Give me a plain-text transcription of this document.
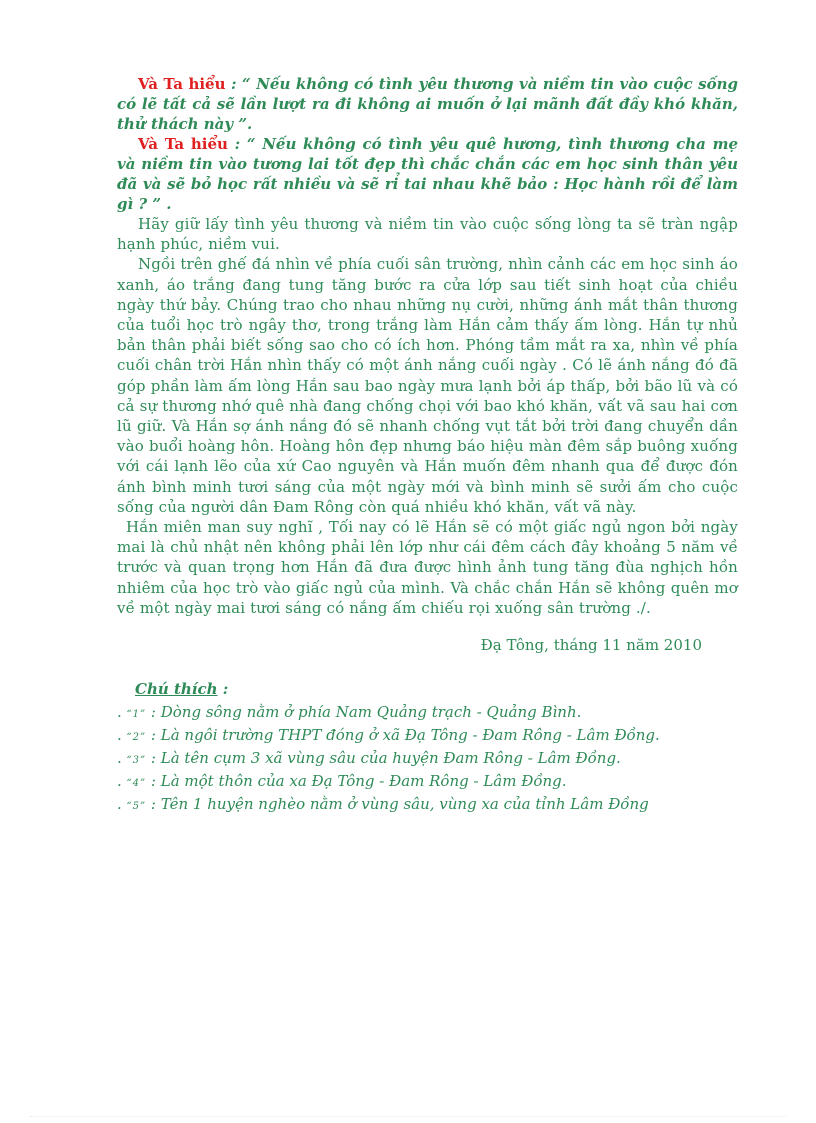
Và Ta hiểu : “ Nếu không có tình yêu thương và niềm tin vào cuộc sống có lẽ tất cả sẽ lần lượt ra đi không ai muốn ở lại mãnh đất đầy khó khăn, thử thách này ”.

Và Ta hiểu : “ Nếu không có tình yêu quê hương, tình thương cha mẹ và niềm tin vào tương lai tốt đẹp thì chắc chắn các em học sinh thân yêu đã và sẽ bỏ học rất nhiều và sẽ rỉ tai nhau khẽ bảo : Học hành rồi để làm gì ? ” .

Hãy giữ lấy tình yêu thương và niềm tin vào cuộc sống lòng ta sẽ tràn ngập hạnh phúc, niềm vui.

Ngồi trên ghế đá nhìn về phía cuối sân trường, nhìn cảnh các em học sinh áo xanh, áo trắng đang tung tăng bước ra cửa lớp sau tiết sinh hoạt của chiều ngày thứ bảy. Chúng trao cho nhau những nụ cười, những ánh mắt thân thương của tuổi học trò ngây thơ, trong trắng làm Hắn cảm thấy ấm lòng. Hắn tự nhủ bản thân phải biết sống sao cho có ích hơn. Phóng tầm mắt ra xa, nhìn về phía cuối chân trời Hắn nhìn thấy có một ánh nắng cuối ngày . Có lẽ ánh nắng đó đã góp phần làm ấm lòng Hắn sau bao ngày mưa lạnh bởi áp thấp, bởi bão lũ và có cả sự thương nhớ quê nhà đang chống chọi với bao khó khăn, vất vã sau hai cơn lũ giữ. Và Hắn sợ ánh nắng đó sẽ nhanh chống vụt tắt bởi trời đang chuyển dần vào buổi hoàng hôn. Hoàng hôn đẹp nhưng báo hiệu màn đêm sắp buông xuống với cái lạnh lẽo của xứ Cao nguyên và Hắn muốn đêm nhanh qua để được đón ánh bình minh tươi sáng của một ngày mới và bình minh sẽ sưởi ấm cho cuộc sống của người dân Đam Rông còn quá nhiều khó khăn, vất vã này.

Hắn miên man suy nghĩ , Tối nay có lẽ Hắn sẽ có một giấc ngủ ngon bởi ngày mai là chủ nhật nên không phải lên lớp như cái đêm cách đây khoảng 5 năm về trước và quan trọng hơn Hắn đã đưa được hình ảnh tung tăng đùa nghịch hồn nhiêm của học trò vào giấc ngủ của mình. Và chắc chắn Hắn sẽ không quên mơ về một ngày mai tươi sáng có nắng ấm chiếu rọi xuống sân trường ./.

Đạ Tông, tháng 11 năm 2010
Chú thích :

. “1” : Dòng sông nằm ở phía Nam Quảng trạch - Quảng Bình.

. “2” : Là ngôi trường THPT đóng ở xã Đạ Tông - Đam Rông - Lâm Đồng.

. “3” : Là tên cụm 3 xã vùng sâu của huyện Đam Rông - Lâm Đồng.

. “4” : Là một thôn của xa Đạ Tông - Đam Rông - Lâm Đồng.

. “5” : Tên 1 huyện nghèo nằm ở vùng sâu, vùng xa của tỉnh Lâm Đồng
